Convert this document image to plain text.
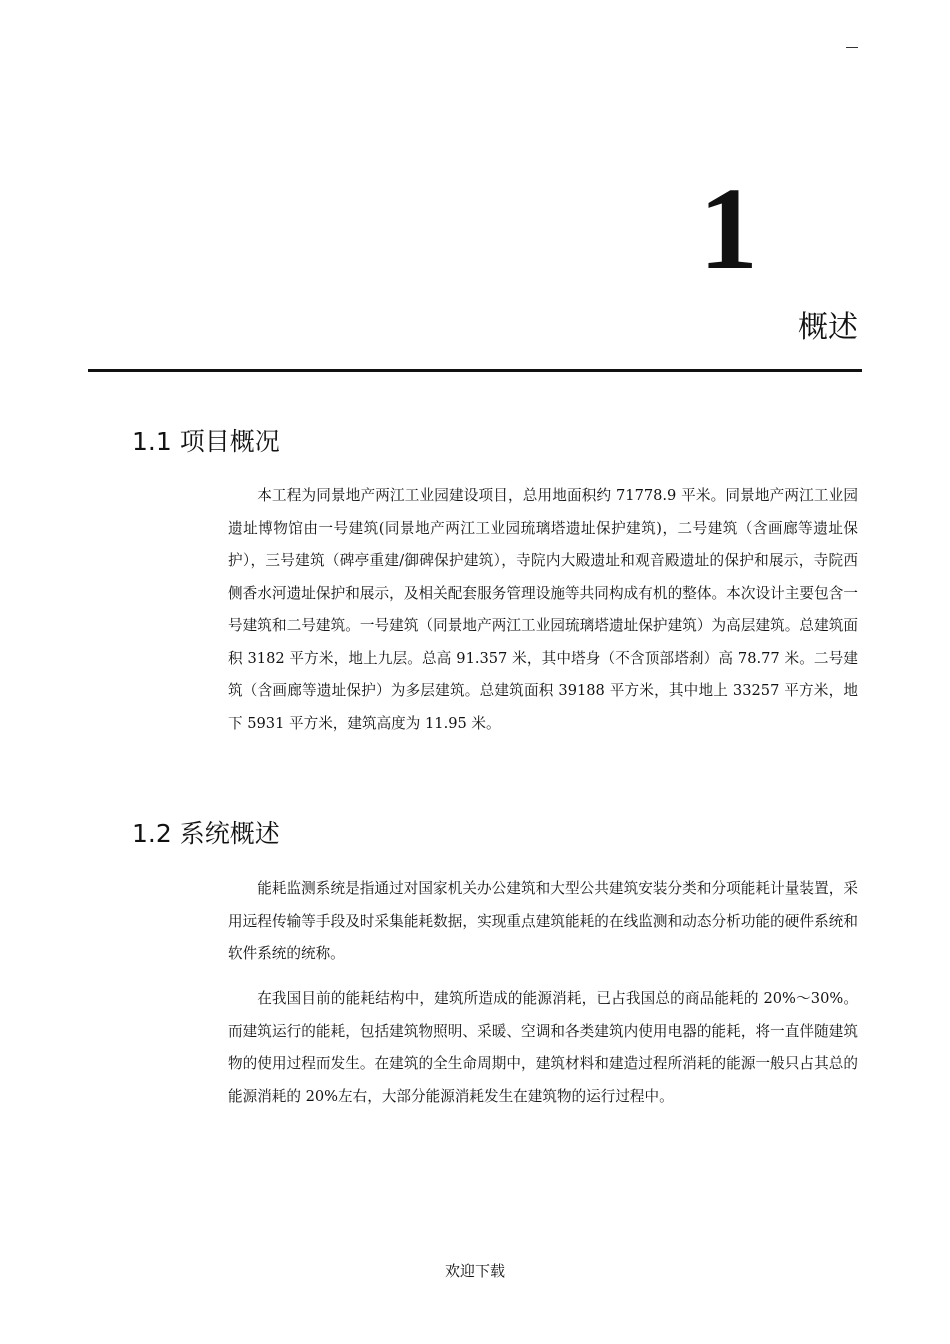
1
概述
1.1 项目概况

本工程为同景地产两江工业园建设项目，总用地面积约 71778.9 平米。同景地产两江工业园遗址博物馆由一号建筑(同景地产两江工业园琉璃塔遗址保护建筑)，二号建筑（含画廊等遗址保护），三号建筑（碑亭重建/御碑保护建筑），寺院内大殿遗址和观音殿遗址的保护和展示，寺院西侧香水河遗址保护和展示，及相关配套服务管理设施等共同构成有机的整体。本次设计主要包含一号建筑和二号建筑。一号建筑（同景地产两江工业园琉璃塔遗址保护建筑）为高层建筑。总建筑面积 3182 平方米，地上九层。总高 91.357 米，其中塔身（不含顶部塔刹）高 78.77 米。二号建筑（含画廊等遗址保护）为多层建筑。总建筑面积 39188 平方米，其中地上 33257 平方米，地下 5931 平方米，建筑高度为 11.95 米。

1.2 系统概述

能耗监测系统是指通过对国家机关办公建筑和大型公共建筑安装分类和分项能耗计量装置，采用远程传输等手段及时采集能耗数据，实现重点建筑能耗的在线监测和动态分析功能的硬件系统和软件系统的统称。

在我国目前的能耗结构中，建筑所造成的能源消耗，已占我国总的商品能耗的 20%～30%。而建筑运行的能耗，包括建筑物照明、采暖、空调和各类建筑内使用电器的能耗，将一直伴随建筑物的使用过程而发生。在建筑的全生命周期中，建筑材料和建造过程所消耗的能源一般只占其总的能源消耗的 20%左右，大部分能源消耗发生在建筑物的运行过程中。

欢迎下载
